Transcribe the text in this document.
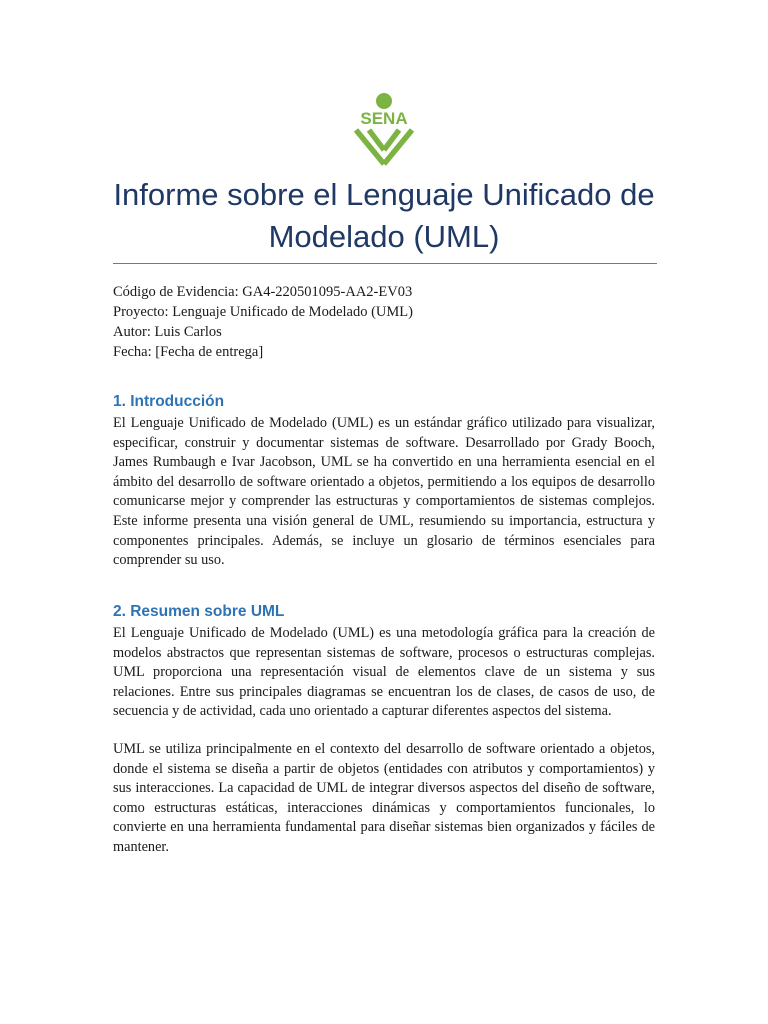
SENA
Informe sobre el Lenguaje Unificado de Modelado (UML)
Código de Evidencia: GA4-220501095-AA2-EV03
Proyecto: Lenguaje Unificado de Modelado (UML)
Autor: Luis Carlos
Fecha: [Fecha de entrega]
1. Introducción

El Lenguaje Unificado de Modelado (UML) es un estándar gráfico utilizado para visualizar, especificar, construir y documentar sistemas de software. Desarrollado por Grady Booch, James Rumbaugh e Ivar Jacobson, UML se ha convertido en una herramienta esencial en el ámbito del desarrollo de software orientado a objetos, permitiendo a los equipos de desarrollo comunicarse mejor y comprender las estructuras y comportamientos de sistemas complejos. Este informe presenta una visión general de UML, resumiendo su importancia, estructura y componentes principales. Además, se incluye un glosario de términos esenciales para comprender su uso.

2. Resumen sobre UML

El Lenguaje Unificado de Modelado (UML) es una metodología gráfica para la creación de modelos abstractos que representan sistemas de software, procesos o estructuras complejas. UML proporciona una representación visual de elementos clave de un sistema y sus relaciones. Entre sus principales diagramas se encuentran los de clases, de casos de uso, de secuencia y de actividad, cada uno orientado a capturar diferentes aspectos del sistema.

UML se utiliza principalmente en el contexto del desarrollo de software orientado a objetos, donde el sistema se diseña a partir de objetos (entidades con atributos y comportamientos) y sus interacciones. La capacidad de UML de integrar diversos aspectos del diseño de software, como estructuras estáticas, interacciones dinámicas y comportamientos funcionales, lo convierte en una herramienta fundamental para diseñar sistemas bien organizados y fáciles de mantener.
